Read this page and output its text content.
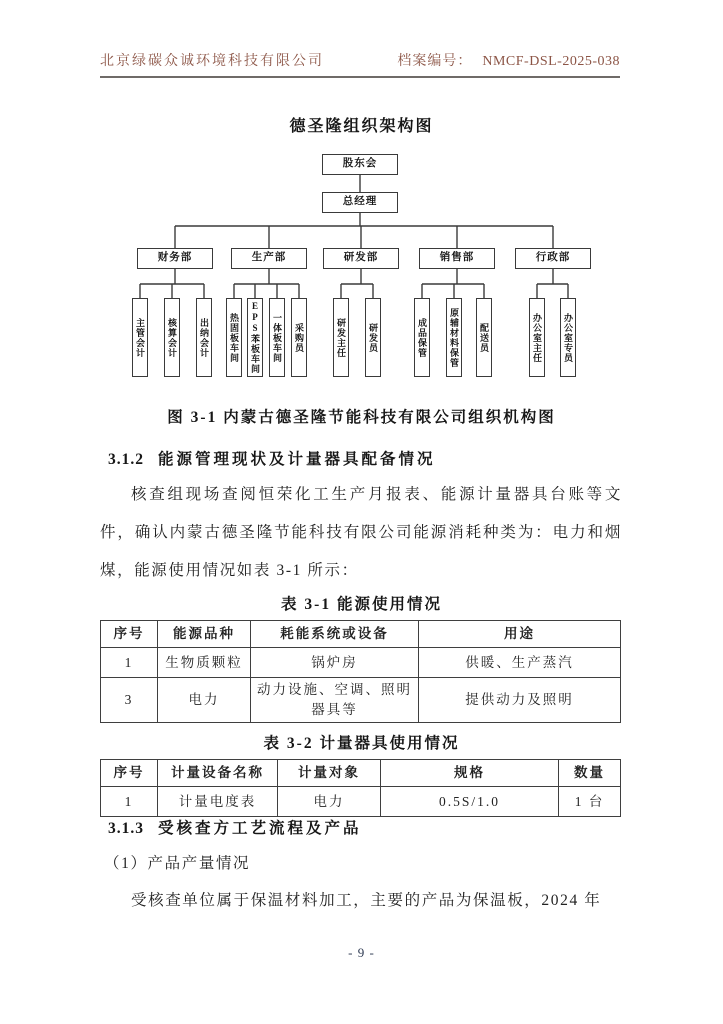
北京绿碳众诚环境科技有限公司	档案编号： NMCF-DSL-2025-038
德圣隆组织架构图
股东会
总经理
财务部	生产部	研发部	销售部	行政部
主管会计 核算会计 出纳会计 热固板车间 EPS苯板车间 一体板车间 采购员	研发主任 研发员	成品保管 原辅材料保管 配送员	办公室主任 办公室专员
图 3-1 内蒙古德圣隆节能科技有限公司组织机构图
3.1.2 能源管理现状及计量器具配备情况

核查组现场查阅恒荣化工生产月报表、能源计量器具台账等文件，确认内蒙古德圣隆节能科技有限公司能源消耗种类为：电力和烟煤，能源使用情况如表 3-1 所示：

表 3-1 能源使用情况
序号	能源品种	耗能系统或设备	用途
1	生物质颗粒	锅炉房	供暖、生产蒸汽
3	电力	动力设施、空调、照明器具等	提供动力及照明
表 3-2 计量器具使用情况
序号	计量设备名称	计量对象	规格	数量
1	计量电度表	电力	0.5S/1.0	1 台
3.1.3 受核查方工艺流程及产品
（1）产品产量情况

受核查单位属于保温材料加工，主要的产品为保温板，2024 年

- 9 -
